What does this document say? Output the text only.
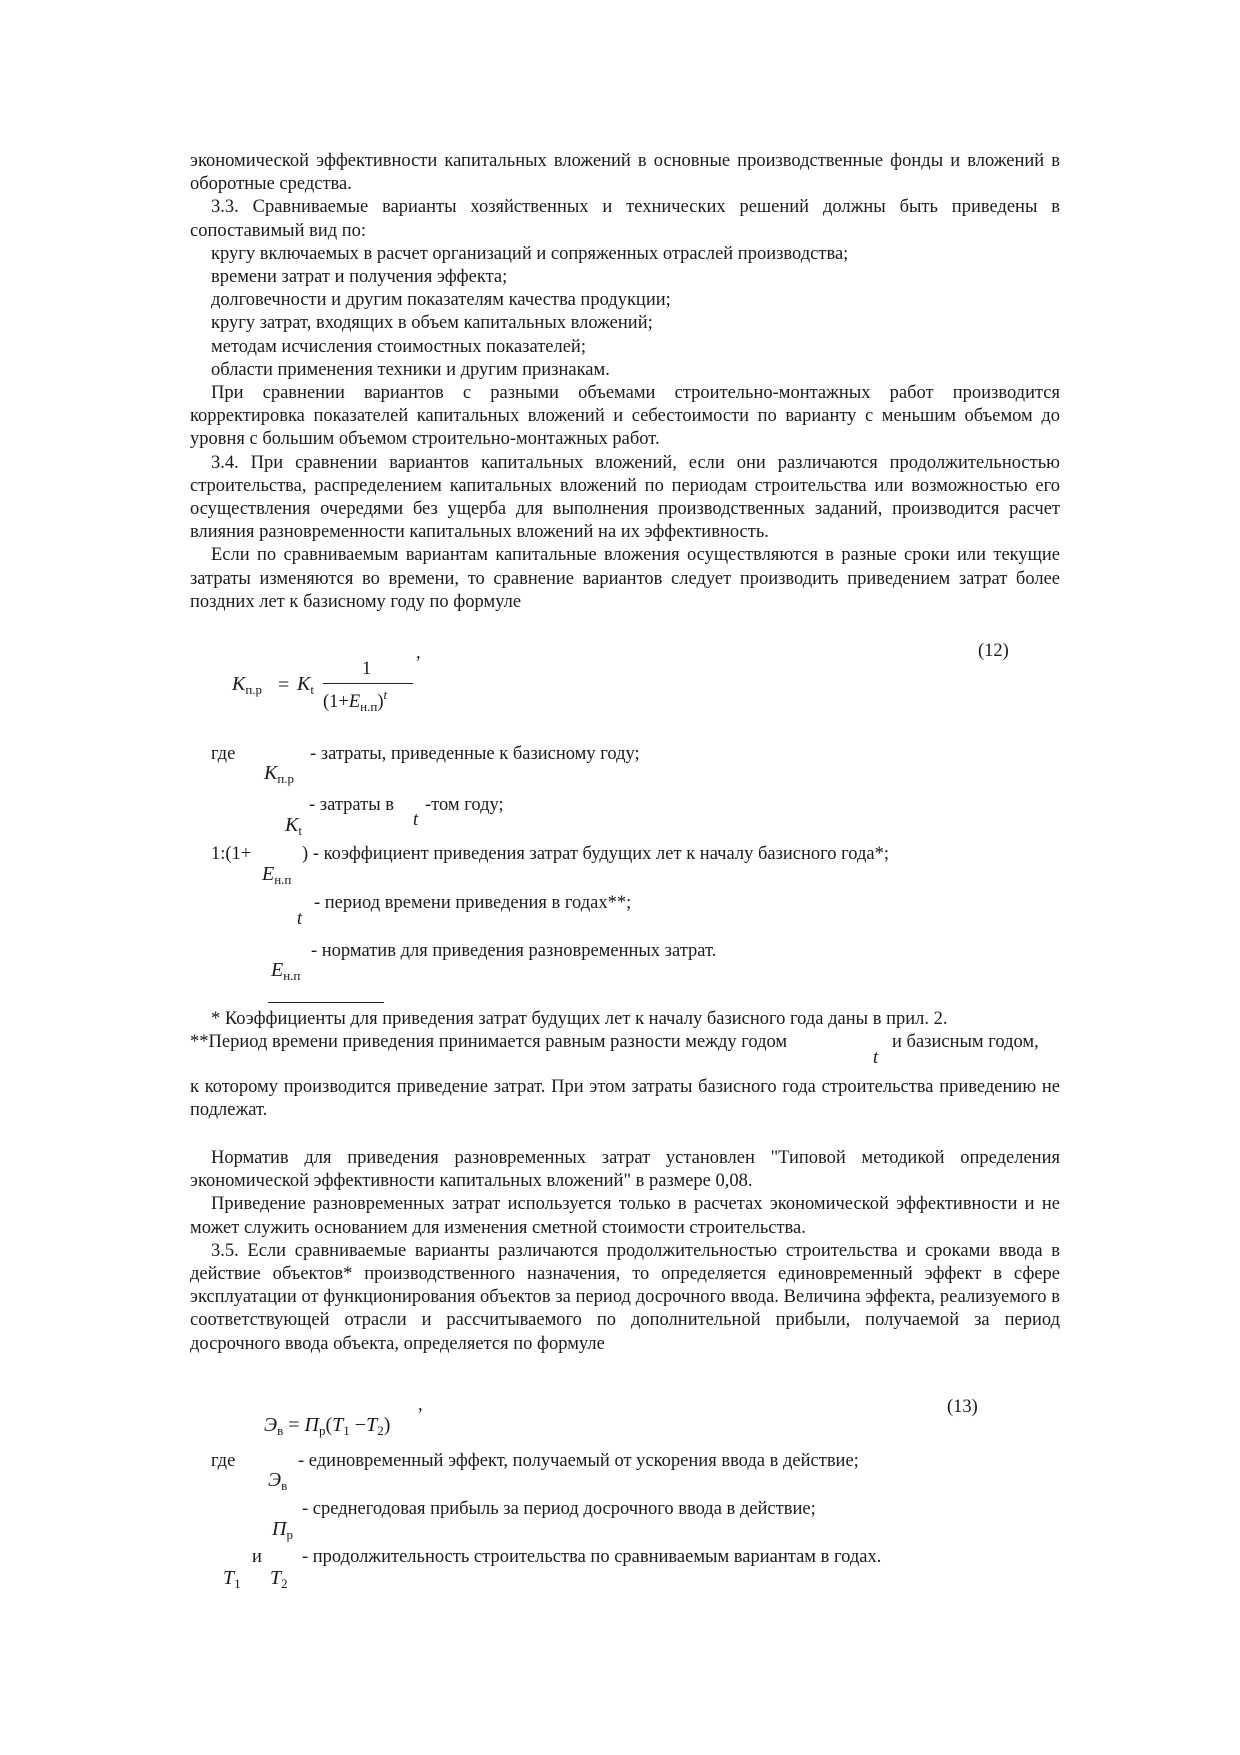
экономической эффективности капитальных вложений в основные производственные фонды и вложений в оборотные средства.

3.3. Сравниваемые варианты хозяйственных и технических решений должны быть приведены в сопоставимый вид по:

кругу включаемых в расчет организаций и сопряженных отраслей производства;

времени затрат и получения эффекта;

долговечности и другим показателям качества продукции;

кругу затрат, входящих в объем капитальных вложений;

методам исчисления стоимостных показателей;

области применения техники и другим признакам.

При сравнении вариантов с разными объемами строительно-монтажных работ производится корректировка показателей капитальных вложений и себестоимости по варианту с меньшим объемом до уровня с большим объемом строительно-монтажных работ.

3.4. При сравнении вариантов капитальных вложений, если они различаются продолжительностью строительства, распределением капитальных вложений по периодам строительства или возможностью его осуществления очередями без ущерба для выполнения производственных заданий, производится расчет влияния разновременности капитальных вложений на их эффективность.

Если по сравниваемым вариантам капитальные вложения осуществляются в разные сроки или текущие затраты изменяются во времени, то сравнение вариантов следует производить приведением затрат более поздних лет к базисному году по формуле

,	(12)
$K_{п.р} = K_t$
1
$(1+E_{н.п})^t$
где	- затраты, приведенные к базисному году;
$K_{п.р}$
- затраты в
t
-том году;
$K_t$
1:(1+	) - коэффициент приведения затрат будущих лет к началу базисного года*;
$E_{н.п}$
- период времени приведения в годах**;
t
- норматив для приведения разновременных затрат.
$E_{н.п}$
* Коэффициенты для приведения затрат будущих лет к началу базисного года даны в прил. 2.
**Период времени приведения принимается равным разности между годом
t
и базисным годом,

к которому производится приведение затрат. При этом затраты базисного года строительства приведению не подлежат.

Норматив для приведения разновременных затрат установлен "Типовой методикой определения экономической эффективности капитальных вложений" в размере 0,08.

Приведение разновременных затрат используется только в расчетах экономической эффективности и не может служить основанием для изменения сметной стоимости строительства.

3.5. Если сравниваемые варианты различаются продолжительностью строительства и сроками ввода в действие объектов* производственного назначения, то определяется единовременный эффект в сфере эксплуатации от функционирования объектов за период досрочного ввода. Величина эффекта, реализуемого в соответствующей отрасли и рассчитываемого по дополнительной прибыли, получаемой за период досрочного ввода объекта, определяется по формуле

,	(13)
$Э_в = П_р(T_1 -T_2)$
где	- единовременный эффект, получаемый от ускорения ввода в действие;
$Э_в$
- среднегодовая прибыль за период досрочного ввода в действие;
$П_р$
и - продолжительность строительства по сравниваемым вариантам в годах.
$T_1$ $T_2$
